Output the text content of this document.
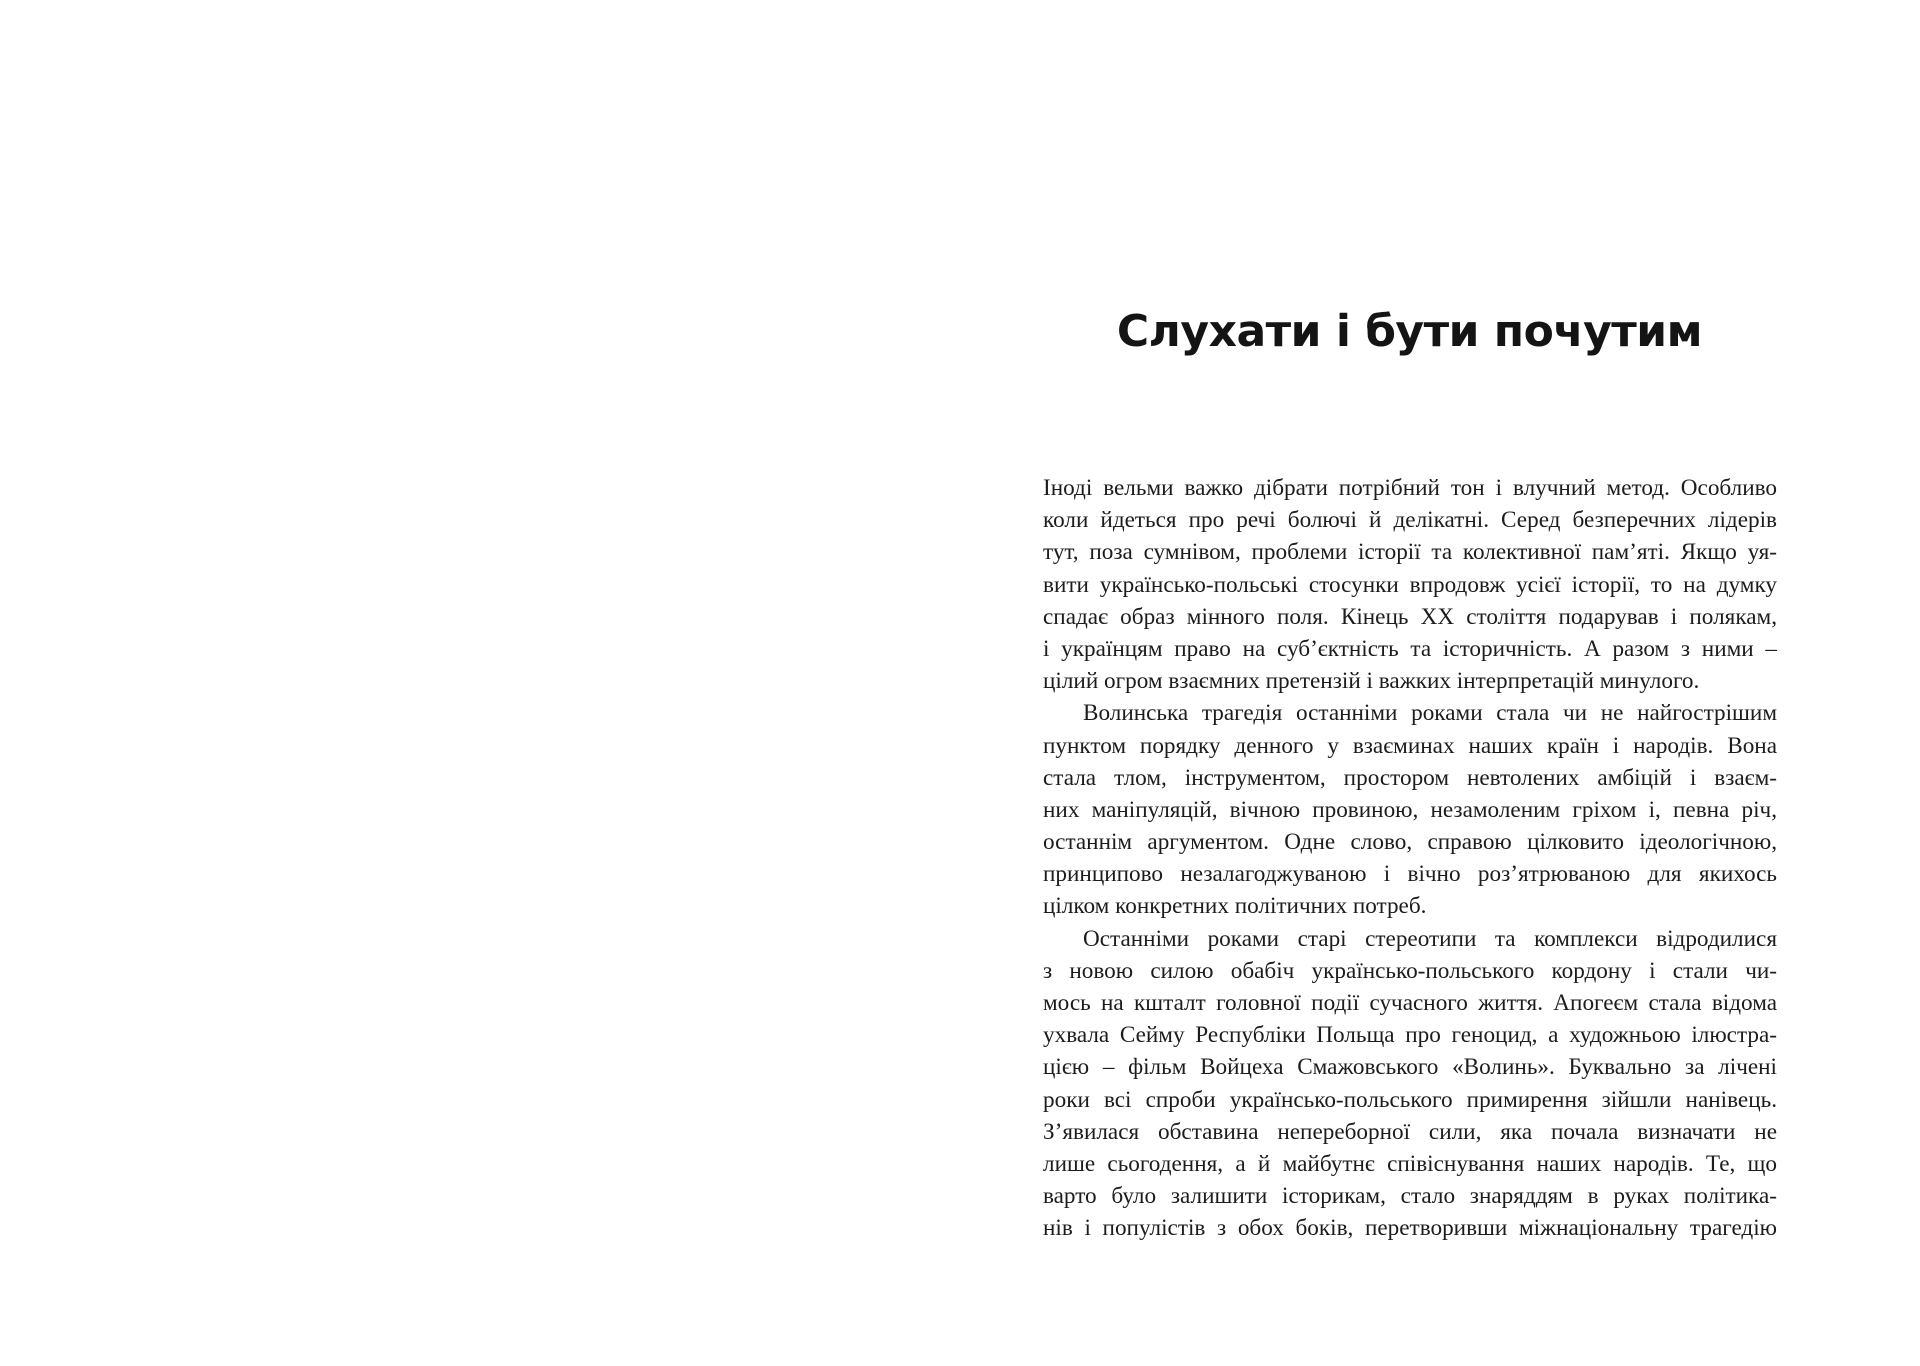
Слухати і бути почутим
Іноді вельми важко дібрати потрібний тон і влучний метод. Особливо
коли йдеться про речі болючі й делікатні. Серед безперечних лідерів
тут, поза сумнівом, проблеми історії та колективної пам’яті. Якщо уя-
вити українсько-польські стосунки впродовж усієї історії, то на думку
спадає образ мінного поля. Кінець XX століття подарував і полякам,
і українцям право на суб’єктність та історичність. А разом з ними –
цілий огром взаємних претензій і важких інтерпретацій минулого.
Волинська трагедія останніми роками стала чи не найгострішим
пунктом порядку денного у взаєминах наших країн і народів. Вона
стала тлом, інструментом, простором невтолених амбіцій і взаєм-
них маніпуляцій, вічною провиною, незамоленим гріхом і, певна річ,
останнім аргументом. Одне слово, справою цілковито ідеологічною,
принципово незалагоджуваною і вічно роз’ятрюваною для якихось
цілком конкретних політичних потреб.
Останніми роками старі стереотипи та комплекси відродилися
з новою силою обабіч українсько-польського кордону і стали чи-
мось на кшталт головної події сучасного життя. Апогеєм стала відома
ухвала Сейму Республіки Польща про геноцид, а художньою ілюстра-
цією – фільм Войцеха Смажовського «Волинь». Буквально за лічені
роки всі спроби українсько-польського примирення зійшли нанівець.
З’явилася обставина непереборної сили, яка почала визначати не
лише сьогодення, а й майбутнє співіснування наших народів. Те, що
варто було залишити історикам, стало знаряддям в руках політика-
нів і популістів з обох боків, перетворивши міжнаціональну трагедію
